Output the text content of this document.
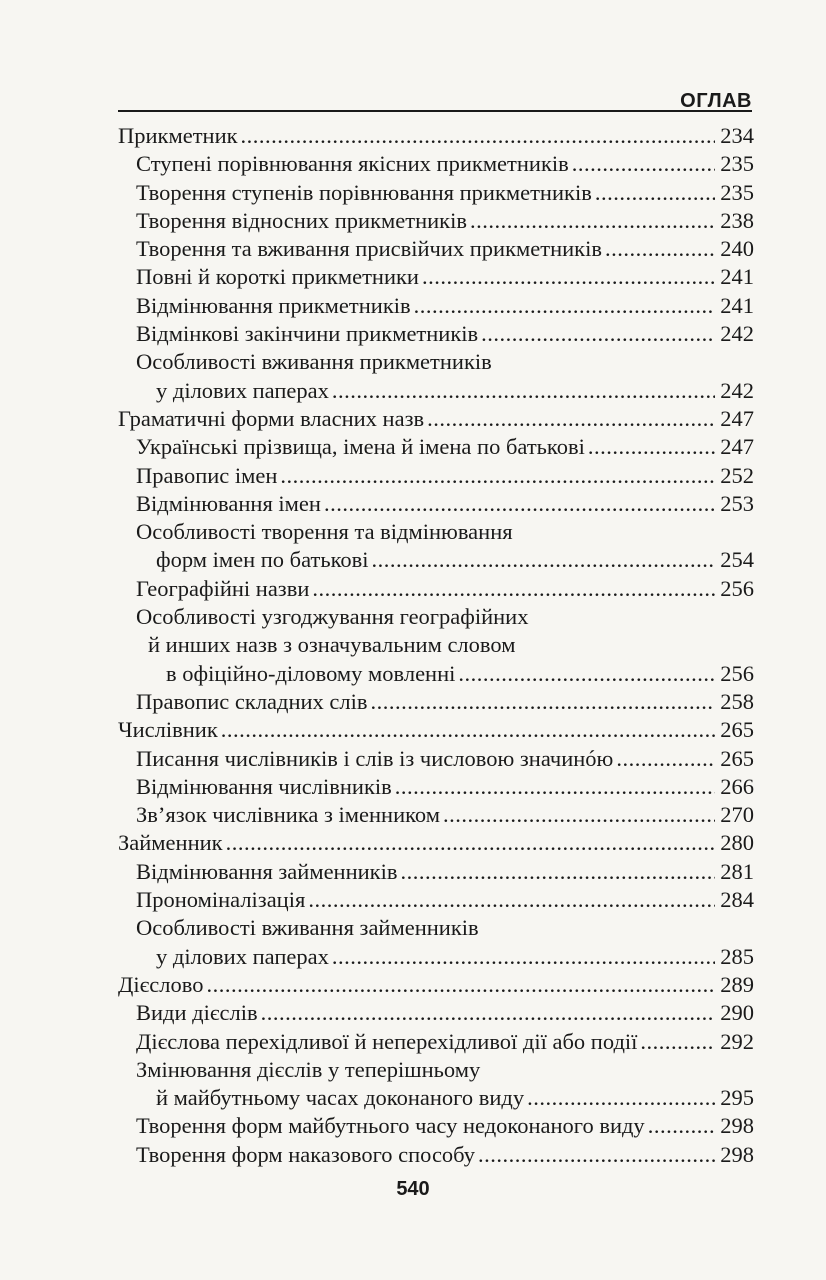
ОГЛАВ
Прикметник .....	234
Ступені порівнювання якісних прикметників .....	235
Творення ступенів порівнювання прикметників .....	235
Творення відносних прикметників .....	238
Творення та вживання присвійчих прикметників .....	240
Повні й короткі прикметники .....	241
Відмінювання прикметників .....	241
Відмінкові закінчини прикметників .....	242
Особливості вживання прикметників
у ділових паперах .....	242
Граматичні форми власних назв .....	247
Українські прізвища, імена й імена по батькові .....	247
Правопис імен .....	252
Відмінювання імен .....	253
Особливості творення та відмінювання
форм імен по батькові .....	254
Географійні назви .....	256
Особливості узгоджування географійних
й инших назв з означувальним словом
в офіційно-діловому мовленні .....	256
Правопис складних слів .....	258
Числівник .....	265
Писання числівників і слів із числовою значинóю .....	265
Відмінювання числівників .....	266
Зв’язок числівника з іменником .....	270
Займенник .....	280
Відмінювання займенників .....	281
Прономіналізація .....	284
Особливості вживання займенників
у ділових паперах .....	285
Дієслово .....	289
Види дієслів .....	290
Дієслова перехідливої й неперехідливої дії або події .....	292
Змінювання дієслів у теперішньому
й майбутньому часах доконаного виду .....	295
Творення форм майбутнього часу недоконаного виду .....	298
Творення форм наказового способу .....	298
540
